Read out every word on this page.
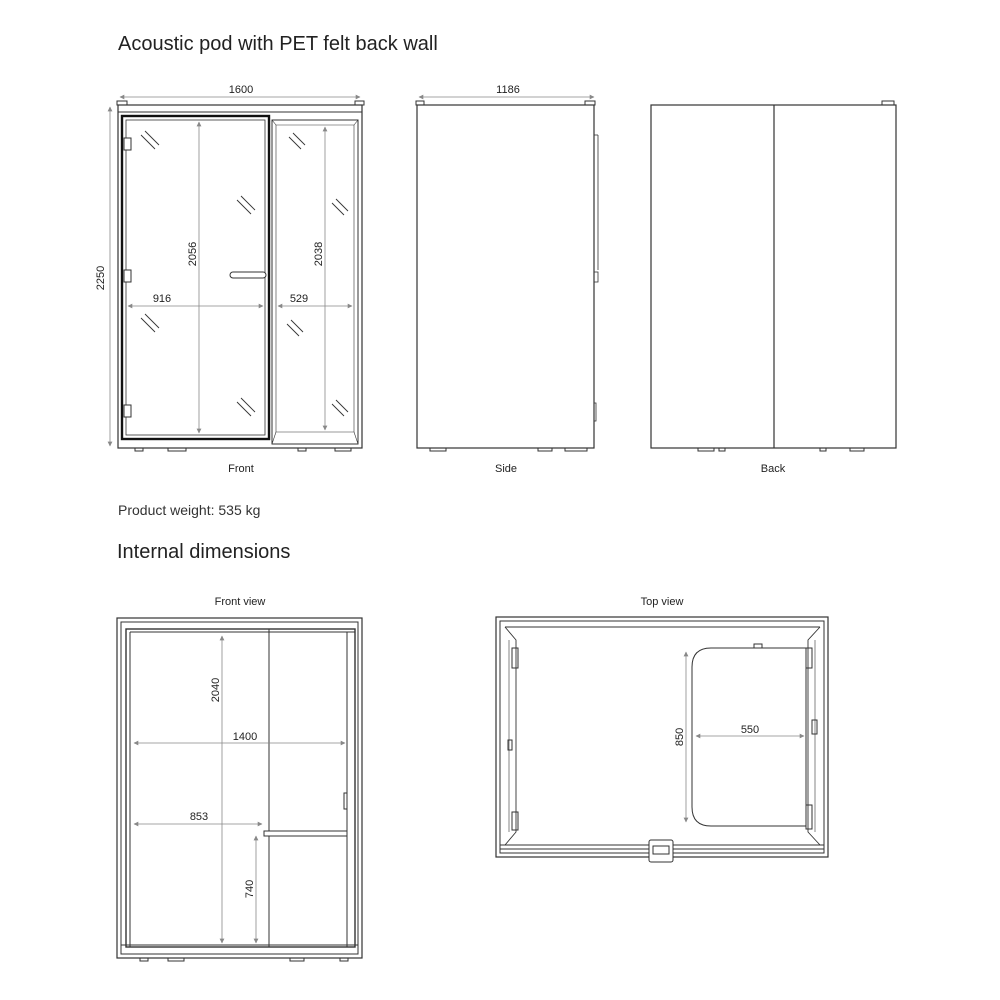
Acoustic pod with PET felt back wall
1600
2250
2056
916
2038
529
1186
2040
1400
853
740
850	550
Front	Side	Back
Product weight: 535 kg
Internal dimensions
Front view	Top view
